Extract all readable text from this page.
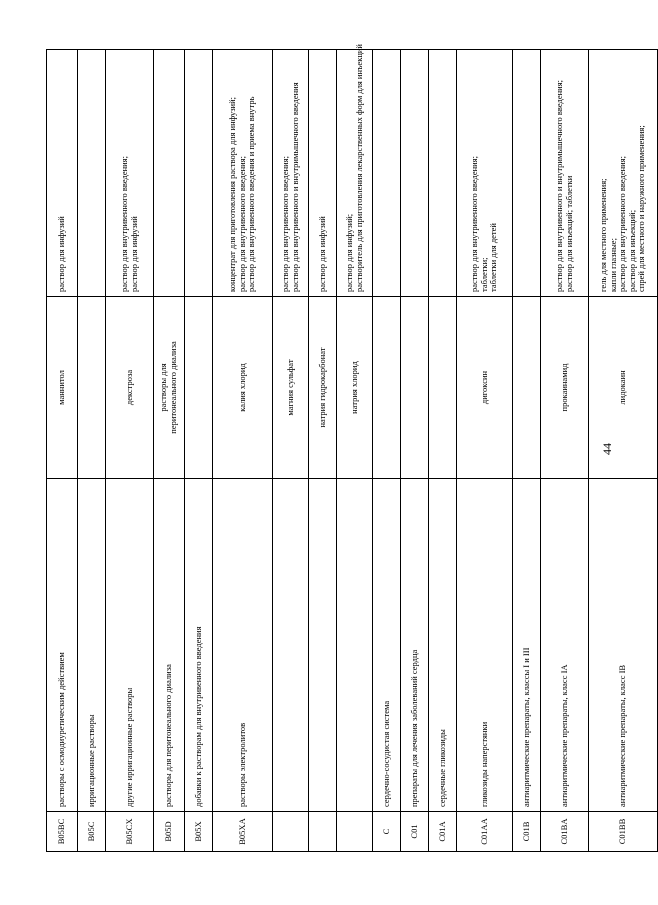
B05BC	растворы с осмодиуретическим действием	маннитол	раствор для инфузий

B05C	ирригационные растворы		
B05CX	другие ирригационные растворы	декстроза	раствор для внутривенного введения; раствор для инфузий

B05D	растворы для перитонеального диализа	растворы для
перитонеального диализа	
B05X	добавки к растворам для внутривенного введения		
B05XA	растворы электролитов	калия хлорид	концентрат для приготовления раствора для инфузий; раствор для внутривенного введения; раствор для внутривенного введения и приема внутрь

		магния сульфат	раствор для внутривенного введения; раствор для внутривенного и внутримышечного введения

		натрия гидрокарбонат	раствор для инфузий

		натрия хлорид	раствор для инфузий; растворитель для приготовления лекарственных форм для инъекций

C	сердечно-сосудистая система		
C01	препараты для лечения заболеваний сердца		
C01A	сердечные гликозиды		
C01AA	гликозиды наперстянки	дигоксин	раствор для внутривенного введения; таблетки; таблетки для детей

C01B	антиаритмические препараты, классы I и III		
C01BA	антиаритмические препараты, класс IA	прокаинамид	раствор для внутривенного и внутримышечного введения; раствор для инъекций; таблетки

C01BB	антиаритмические препараты, класс IB	лидокаин	гель для местного применения; капли глазные; раствор для внутривенного введения; раствор для инъекций; спрей для местного и наружного применения;
44
